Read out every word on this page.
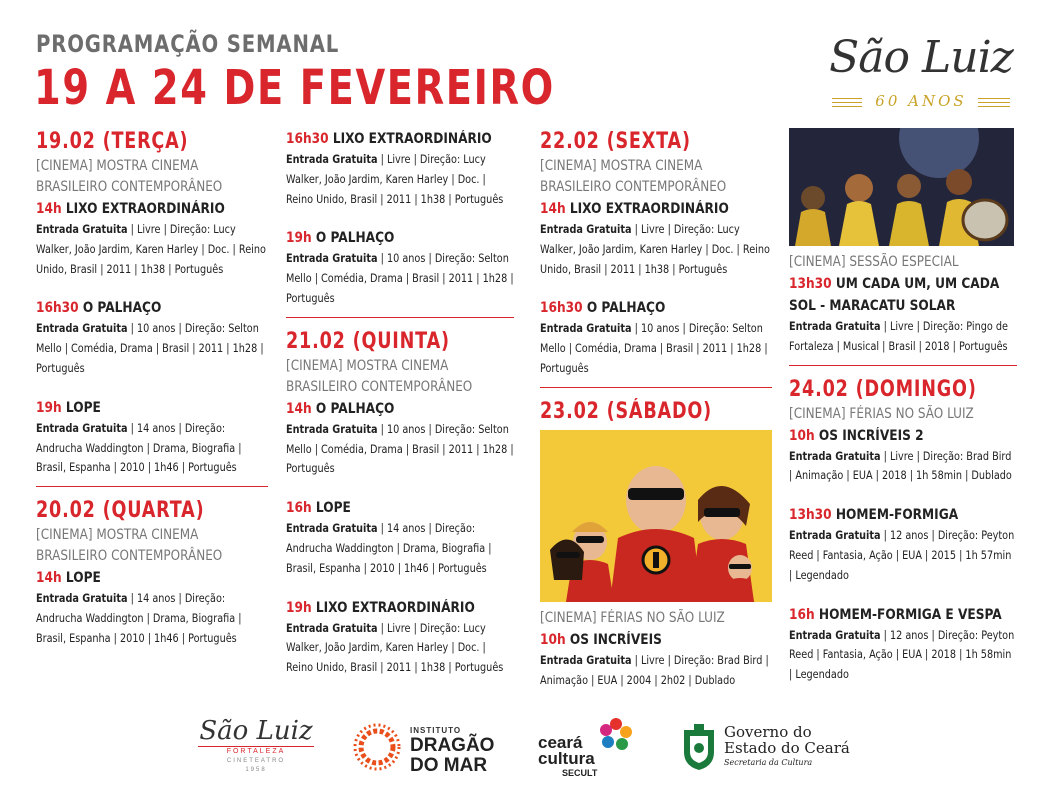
PROGRAMAÇÃO SEMANAL
19 A 24 DE FEVEREIRO
São Luiz
60 ANOS
19.02 (TERÇA)
[CINEMA] MOSTRA CINEMA BRASILEIRO CONTEMPORÂNEO
14h LIXO EXTRAORDINÁRIO
Entrada Gratuita | Livre | Direção: Lucy Walker, João Jardim, Karen Harley | Doc. | Reino Unido, Brasil | 2011 | 1h38 | Português
16h30 O PALHAÇO
Entrada Gratuita | 10 anos | Direção: Selton Mello | Comédia, Drama | Brasil | 2011 | 1h28 | Português
19h LOPE
Entrada Gratuita | 14 anos | Direção: Andrucha Waddington | Drama, Biografia | Brasil, Espanha | 2010 | 1h46 | Português
20.02 (QUARTA)
[CINEMA] MOSTRA CINEMA BRASILEIRO CONTEMPORÂNEO
14h LOPE
Entrada Gratuita | 14 anos | Direção: Andrucha Waddington | Drama, Biografia | Brasil, Espanha | 2010 | 1h46 | Português
16h30 LIXO EXTRAORDINÁRIO
Entrada Gratuita | Livre | Direção: Lucy Walker, João Jardim, Karen Harley | Doc. | Reino Unido, Brasil | 2011 | 1h38 | Português
19h O PALHAÇO
Entrada Gratuita | 10 anos | Direção: Selton Mello | Comédia, Drama | Brasil | 2011 | 1h28 | Português
21.02 (QUINTA)
[CINEMA] MOSTRA CINEMA BRASILEIRO CONTEMPORÂNEO
14h O PALHAÇO
Entrada Gratuita | 10 anos | Direção: Selton Mello | Comédia, Drama | Brasil | 2011 | 1h28 | Português
16h LOPE
Entrada Gratuita | 14 anos | Direção: Andrucha Waddington | Drama, Biografia | Brasil, Espanha | 2010 | 1h46 | Português
19h LIXO EXTRAORDINÁRIO
Entrada Gratuita | Livre | Direção: Lucy Walker, João Jardim, Karen Harley | Doc. | Reino Unido, Brasil | 2011 | 1h38 | Português
22.02 (SEXTA)
[CINEMA] MOSTRA CINEMA BRASILEIRO CONTEMPORÂNEO
14h LIXO EXTRAORDINÁRIO
Entrada Gratuita | Livre | Direção: Lucy Walker, João Jardim, Karen Harley | Doc. | Reino Unido, Brasil | 2011 | 1h38 | Português
16h30 O PALHAÇO
Entrada Gratuita | 10 anos | Direção: Selton Mello | Comédia, Drama | Brasil | 2011 | 1h28 | Português
23.02 (SÁBADO)
[CINEMA] FÉRIAS NO SÃO LUIZ
10h OS INCRÍVEIS
Entrada Gratuita | Livre | Direção: Brad Bird | Animação | EUA | 2004 | 2h02 | Dublado
[CINEMA] SESSÃO ESPECIAL
13h30 UM CADA UM, UM CADA SOL - MARACATU SOLAR
Entrada Gratuita | Livre | Direção: Pingo de Fortaleza | Musical | Brasil | 2018 | Português
24.02 (DOMINGO)
[CINEMA] FÉRIAS NO SÃO LUIZ
10h OS INCRÍVEIS 2
Entrada Gratuita | Livre | Direção: Brad Bird | Animação | EUA | 2018 | 1h 58min | Dublado
13h30 HOMEM-FORMIGA
Entrada Gratuita | 12 anos | Direção: Peyton Reed | Fantasia, Ação | EUA | 2015 | 1h 57min | Legendado
16h HOMEM-FORMIGA E VESPA
Entrada Gratuita | 12 anos | Direção: Peyton Reed | Fantasia, Ação | EUA | 2018 | 1h 58min | Legendado
São Luiz
FORTALEZA
CINETEATRO
1958
INSTITUTO
DRAGÃO
DO MAR
ceará
cultura
SECULT
Governo do
Estado do Ceará
Secretaria da Cultura
